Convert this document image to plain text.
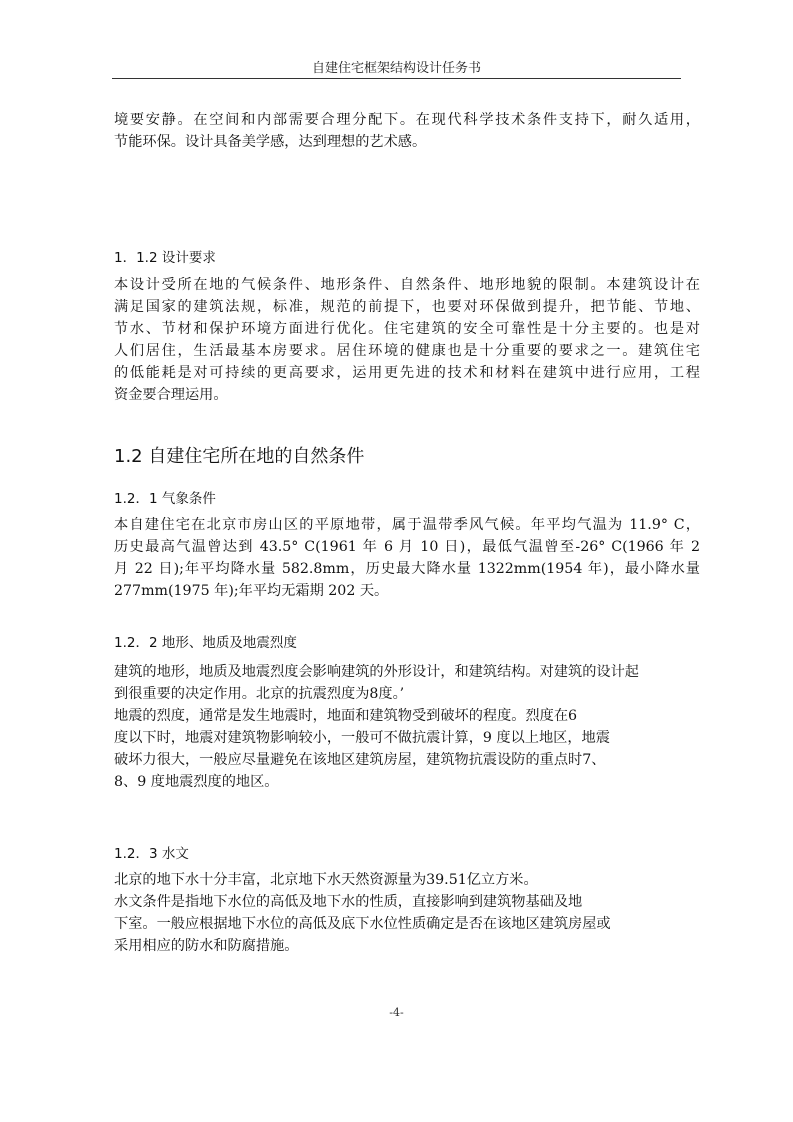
自建住宅框架结构设计任务书
境要安静。在空间和内部需要合理分配下。在现代科学技术条件支持下，耐久适用，
节能环保。设计具备美学感，达到理想的艺术感。
1．1.2 设计要求
本设计受所在地的气候条件、地形条件、自然条件、地形地貌的限制。本建筑设计在
满足国家的建筑法规，标准，规范的前提下，也要对环保做到提升，把节能、节地、
节水、节材和保护环境方面进行优化。住宅建筑的安全可靠性是十分主要的。也是对
人们居住，生活最基本房要求。居住环境的健康也是十分重要的要求之一。建筑住宅
的低能耗是对可持续的更高要求，运用更先进的技术和材料在建筑中进行应用，工程
资金要合理运用。
1.2 自建住宅所在地的自然条件
1.2．1 气象条件
本自建住宅在北京市房山区的平原地带，属于温带季风气候。年平均气温为 11.9° C，
历史最高气温曾达到 43.5° C(1961 年 6 月 10 日)，最低气温曾至-26° C(1966 年 2
月 22 日);年平均降水量 582.8mm，历史最大降水量 1322mm(1954 年)，最小降水量
277mm(1975 年);年平均无霜期 202 天。
1.2．2 地形、地质及地震烈度
建筑的地形，地质及地震烈度会影响建筑的外形设计，和建筑结构。对建筑的设计起
到很重要的决定作用。北京的抗震烈度为8度。’
地震的烈度，通常是发生地震时，地面和建筑物受到破坏的程度。烈度在6
度以下时，地震对建筑物影响较小，一般可不做抗震计算，9 度以上地区，地震
破坏力很大，一般应尽量避免在该地区建筑房屋，建筑物抗震设防的重点时7、
8、9 度地震烈度的地区。
1.2．3 水文
北京的地下水十分丰富，北京地下水天然资源量为39.51亿立方米。
水文条件是指地下水位的高低及地下水的性质，直接影响到建筑物基础及地
下室。一般应根据地下水位的高低及底下水位性质确定是否在该地区建筑房屋或
采用相应的防水和防腐措施。
-4-
